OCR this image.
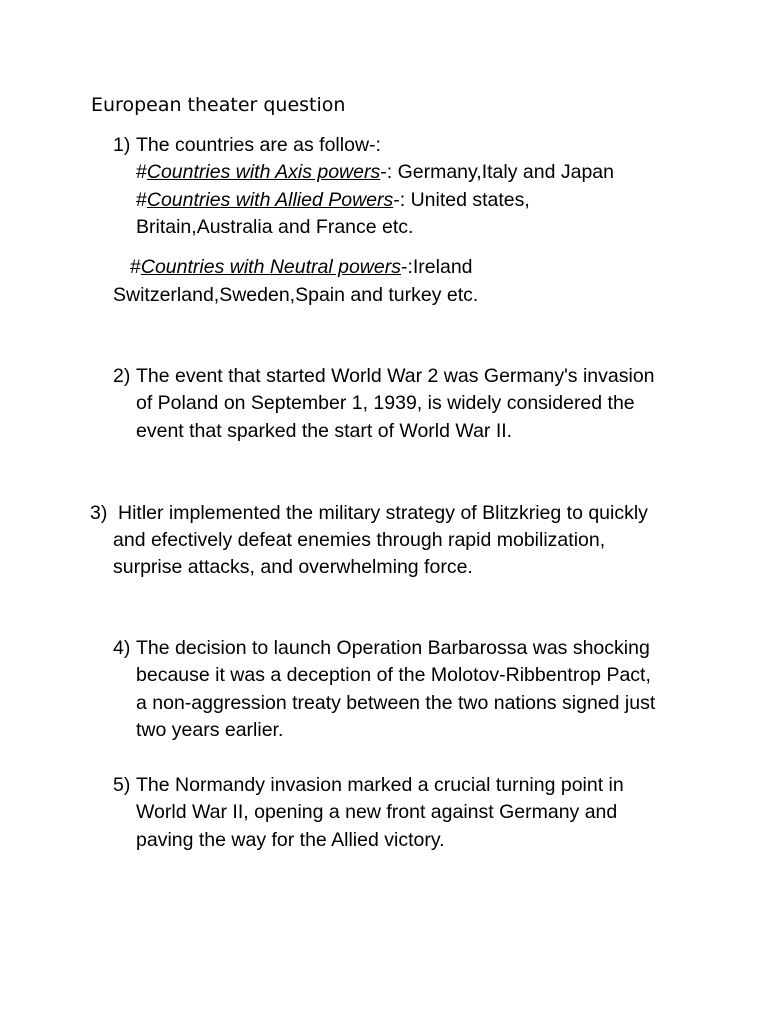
European theater question
1) The countries are as follow-:
#Countries with Axis powers-: Germany,Italy and Japan
#Countries with Allied Powers-: United states,
Britain,Australia and France etc.
#Countries with Neutral powers-:Ireland
Switzerland,Sweden,Spain and turkey etc.
2) The event that started World War 2 was Germany's invasion
of Poland on September 1, 1939, is widely considered the
event that sparked the start of World War II.
3) Hitler implemented the military strategy of Blitzkrieg to quickly
and efectively defeat enemies through rapid mobilization,
surprise attacks, and overwhelming force.
4) The decision to launch Operation Barbarossa was shocking
because it was a deception of the Molotov-Ribbentrop Pact,
a non-aggression treaty between the two nations signed just
two years earlier.
5) The Normandy invasion marked a crucial turning point in
World War II, opening a new front against Germany and
paving the way for the Allied victory.
